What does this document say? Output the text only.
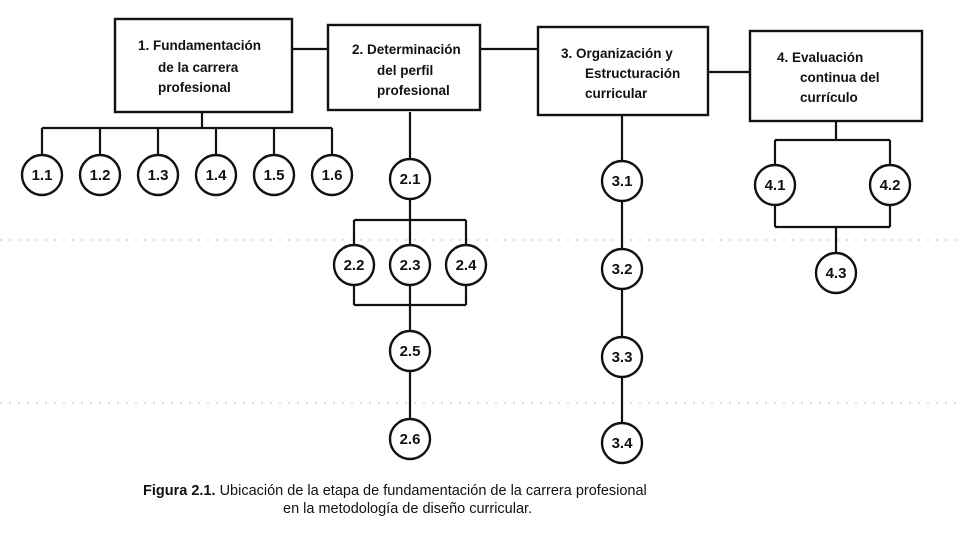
1. Fundamentación
de la carrera
profesional
2. Determinación
del perfil
profesional
3. Organización y
Estructuración
curricular
4. Evaluación
continua del
currículo
1.1 1.2 1.3 1.4 1.5 1.6	2.1
2.2 2.3 2.4
2.5
2.6
3.1
3.2
3.3
3.4
4.1	4.2
4.3
Figura 2.1. Ubicación de la etapa de fundamentación de la carrera profesional
en la metodología de diseño curricular.
